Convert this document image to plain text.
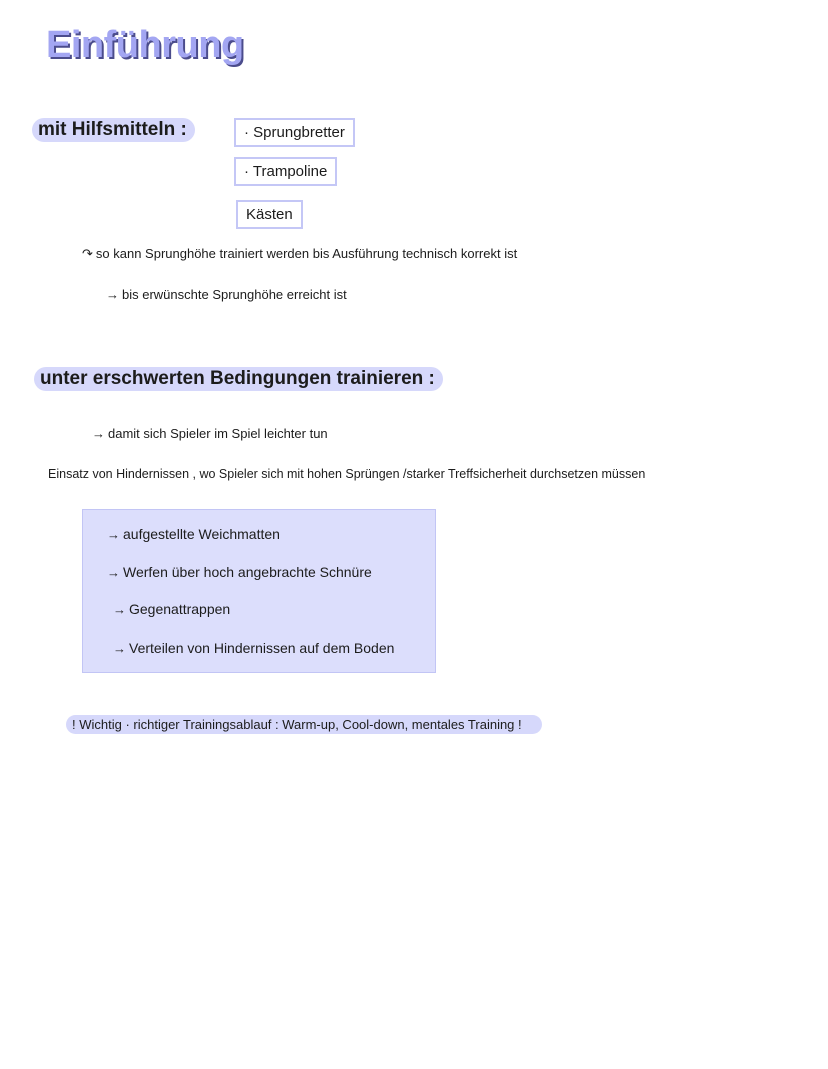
Einführung
mit Hilfsmitteln :	· Sprungbretter
· Trampoline
Kästen
↷ so kann Sprunghöhe trainiert werden bis Ausführung technisch korrekt ist
→ bis erwünschte Sprunghöhe erreicht ist
unter erschwerten Bedingungen trainieren :
→ damit sich Spieler im Spiel leichter tun
Einsatz von Hindernissen , wo Spieler sich mit hohen Sprüngen /starker Treffsicherheit durchsetzen müssen
→ aufgestellte Weichmatten
→ Werfen über hoch angebrachte Schnüre
→ Gegenattrappen
→ Verteilen von Hindernissen auf dem Boden
! Wichtig · richtiger Trainingsablauf : Warm-up, Cool-down, mentales Training !
